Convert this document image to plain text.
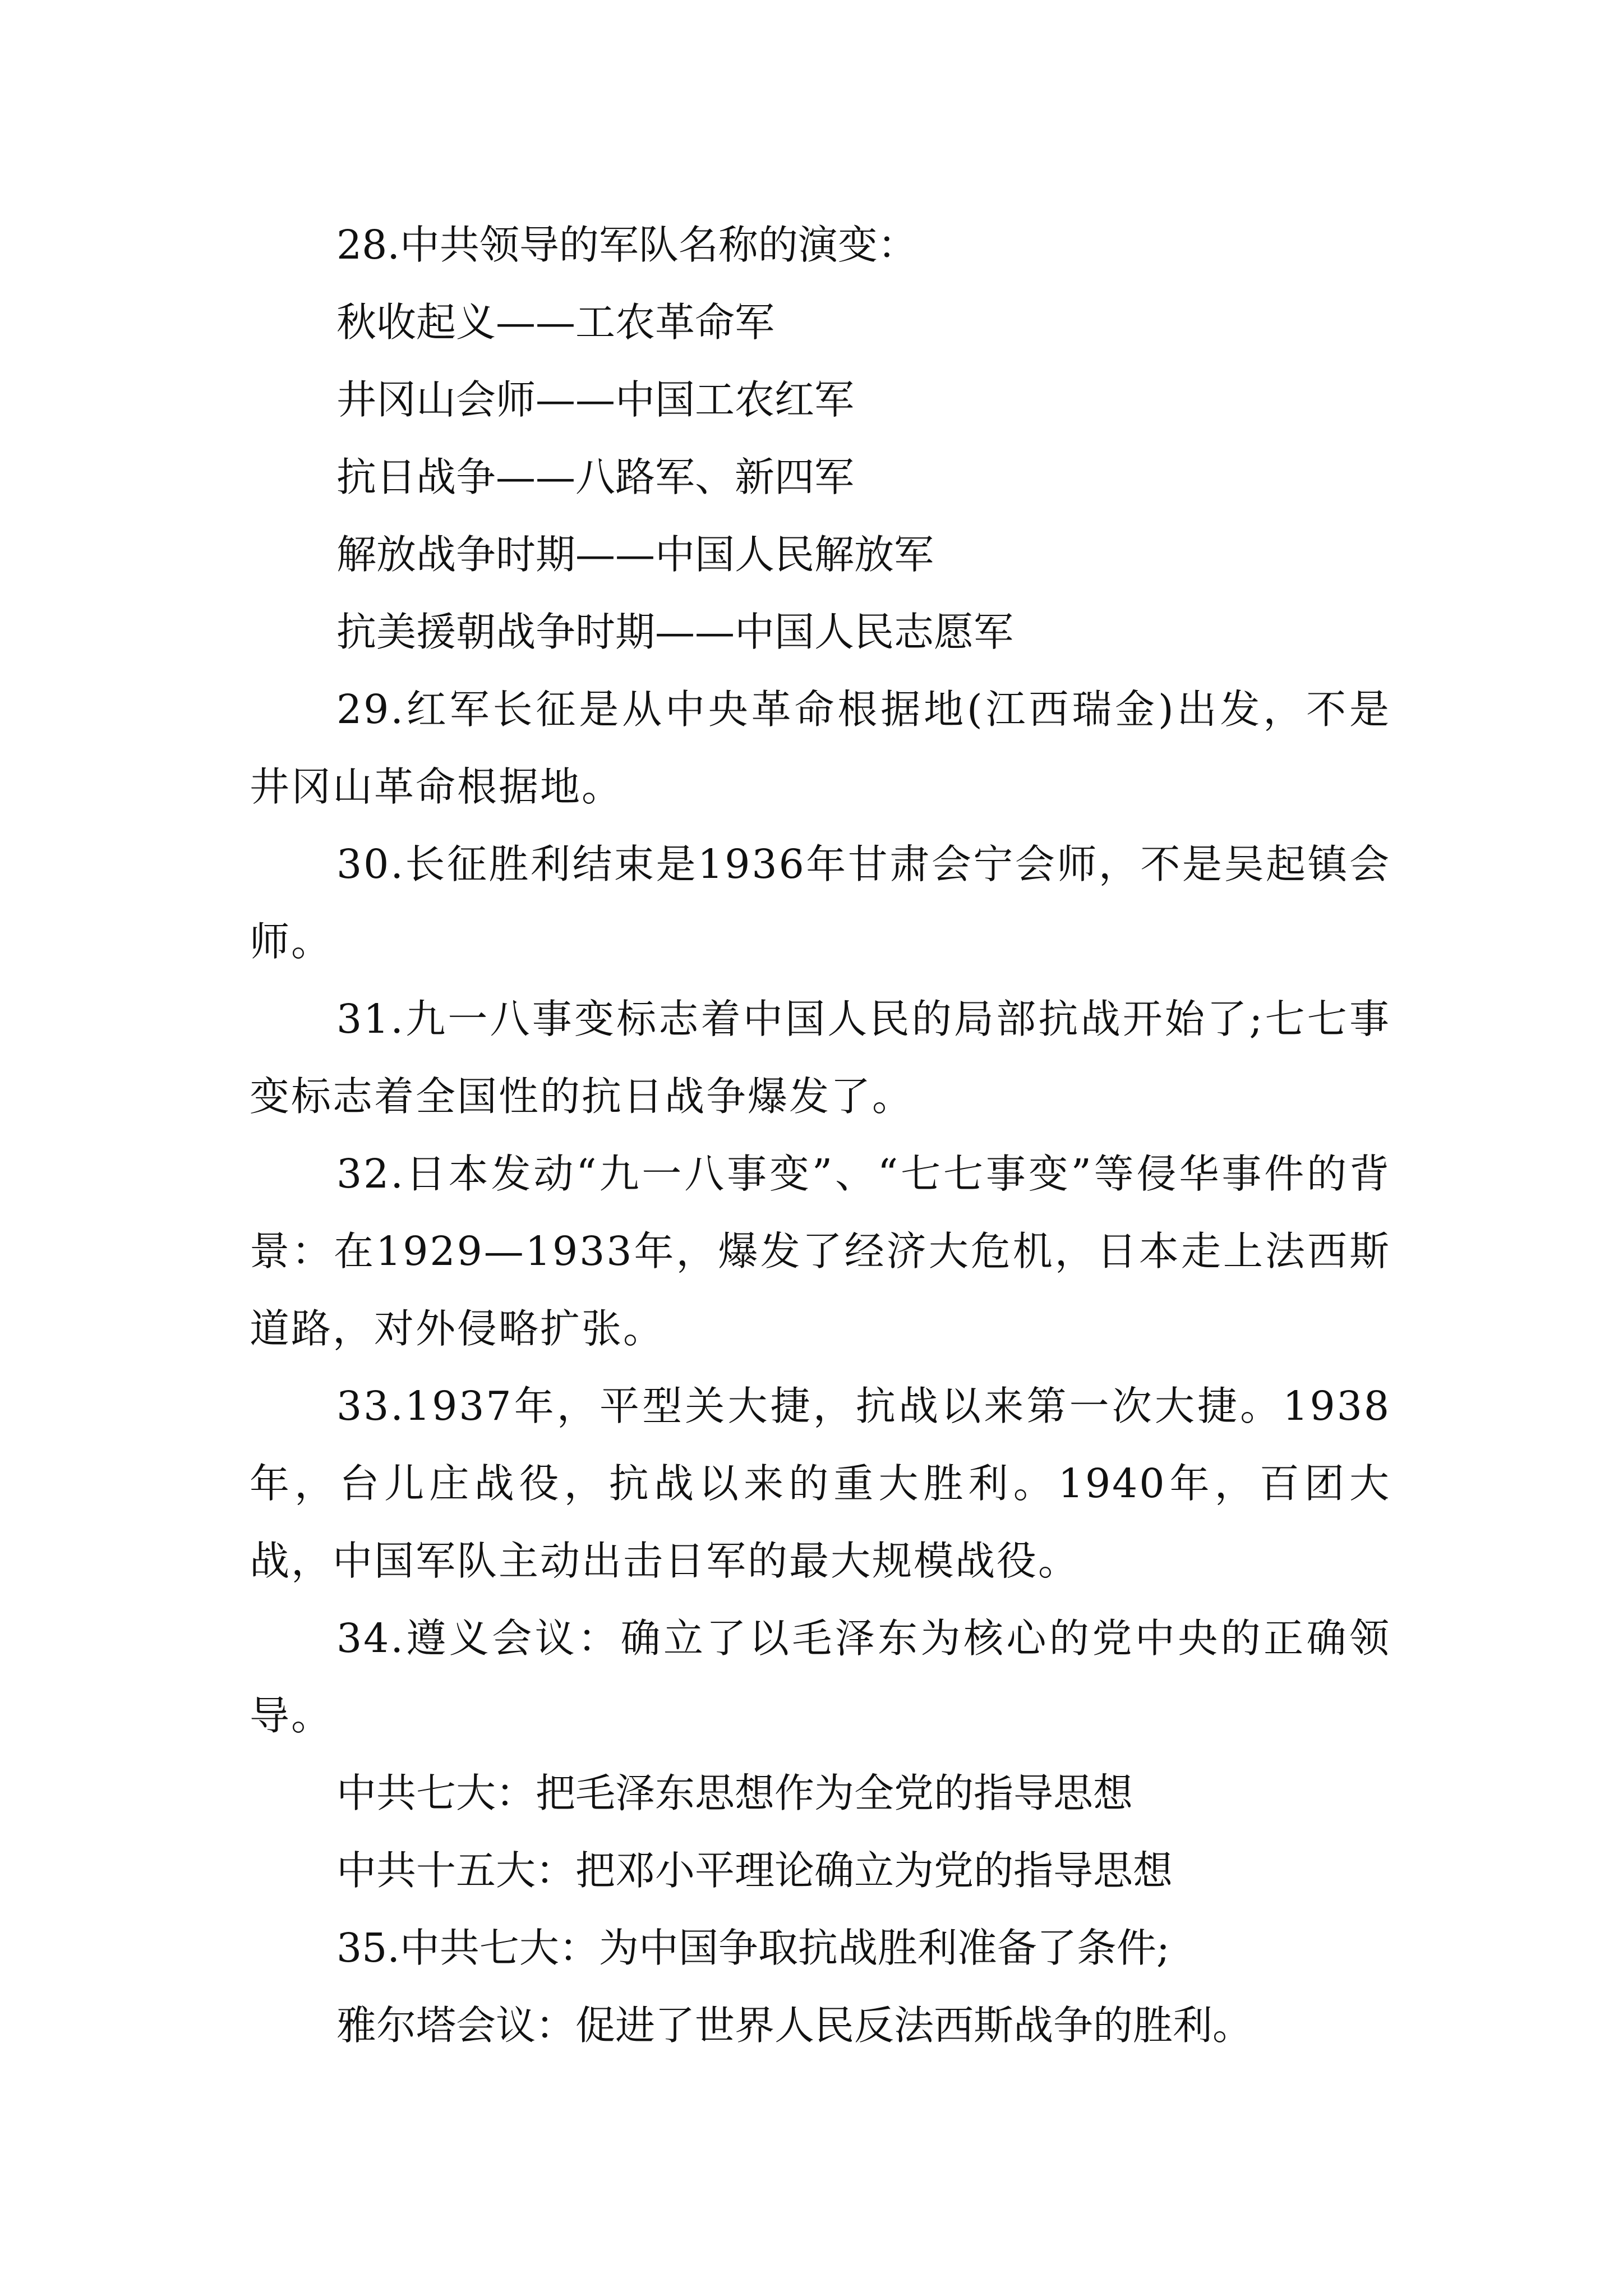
28.中共领导的军队名称的演变：
秋收起义——工农革命军
井冈山会师——中国工农红军
抗日战争——八路军、新四军
解放战争时期——中国人民解放军
抗美援朝战争时期——中国人民志愿军

29.红军长征是从中央革命根据地(江西瑞金)出发，不是井冈山革命根据地。

30.长征胜利结束是1936年甘肃会宁会师，不是吴起镇会师。

31.九一八事变标志着中国人民的局部抗战开始了;七七事变标志着全国性的抗日战争爆发了。

32.日本发动“九一八事变”、“七七事变”等侵华事件的背景：在1929—1933年，爆发了经济大危机，日本走上法西斯道路，对外侵略扩张。

33.1937年，平型关大捷，抗战以来第一次大捷。1938年，台儿庄战役，抗战以来的重大胜利。1940年，百团大战，中国军队主动出击日军的最大规模战役。

34.遵义会议：确立了以毛泽东为核心的党中央的正确领导。

中共七大：把毛泽东思想作为全党的指导思想
中共十五大：把邓小平理论确立为党的指导思想
35.中共七大：为中国争取抗战胜利准备了条件;
雅尔塔会议：促进了世界人民反法西斯战争的胜利。
